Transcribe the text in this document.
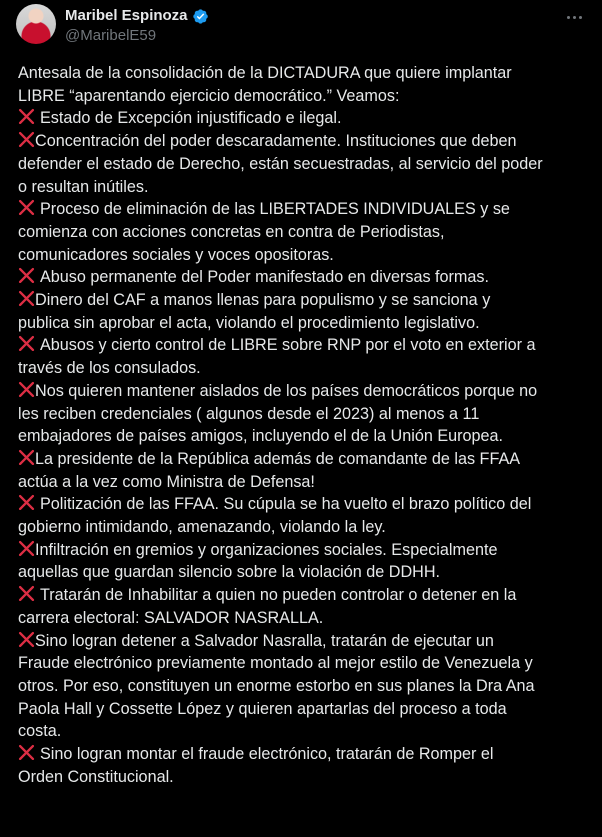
Maribel Espinoza
@MaribelE59
Antesala de la consolidación de la DICTADURA que quiere implantar
LIBRE “aparentando ejercicio democrático.” Veamos:
Estado de Excepción injustificado e ilegal.
Concentración del poder descaradamente. Instituciones que deben
defender el estado de Derecho, están secuestradas, al servicio del poder
o resultan inútiles.
Proceso de eliminación de las LIBERTADES INDIVIDUALES y se
comienza con acciones concretas en contra de Periodistas,
comunicadores sociales y voces opositoras.
Abuso permanente del Poder manifestado en diversas formas.
Dinero del CAF a manos llenas para populismo y se sanciona y
publica sin aprobar el acta, violando el procedimiento legislativo.
Abusos y cierto control de LIBRE sobre RNP por el voto en exterior a
través de los consulados.
Nos quieren mantener aislados de los países democráticos porque no
les reciben credenciales ( algunos desde el 2023) al menos a 11
embajadores de países amigos, incluyendo el de la Unión Europea.
La presidente de la República además de comandante de las FFAA
actúa a la vez como Ministra de Defensa!
Politización de las FFAA. Su cúpula se ha vuelto el brazo político del
gobierno intimidando, amenazando, violando la ley.
Infiltración en gremios y organizaciones sociales. Especialmente
aquellas que guardan silencio sobre la violación de DDHH.
Tratarán de Inhabilitar a quien no pueden controlar o detener en la
carrera electoral: SALVADOR NASRALLA.
Sino logran detener a Salvador Nasralla, tratarán de ejecutar un
Fraude electrónico previamente montado al mejor estilo de Venezuela y
otros. Por eso, constituyen un enorme estorbo en sus planes la Dra Ana
Paola Hall y Cossette López y quieren apartarlas del proceso a toda
costa.
Sino logran montar el fraude electrónico, tratarán de Romper el
Orden Constitucional.
